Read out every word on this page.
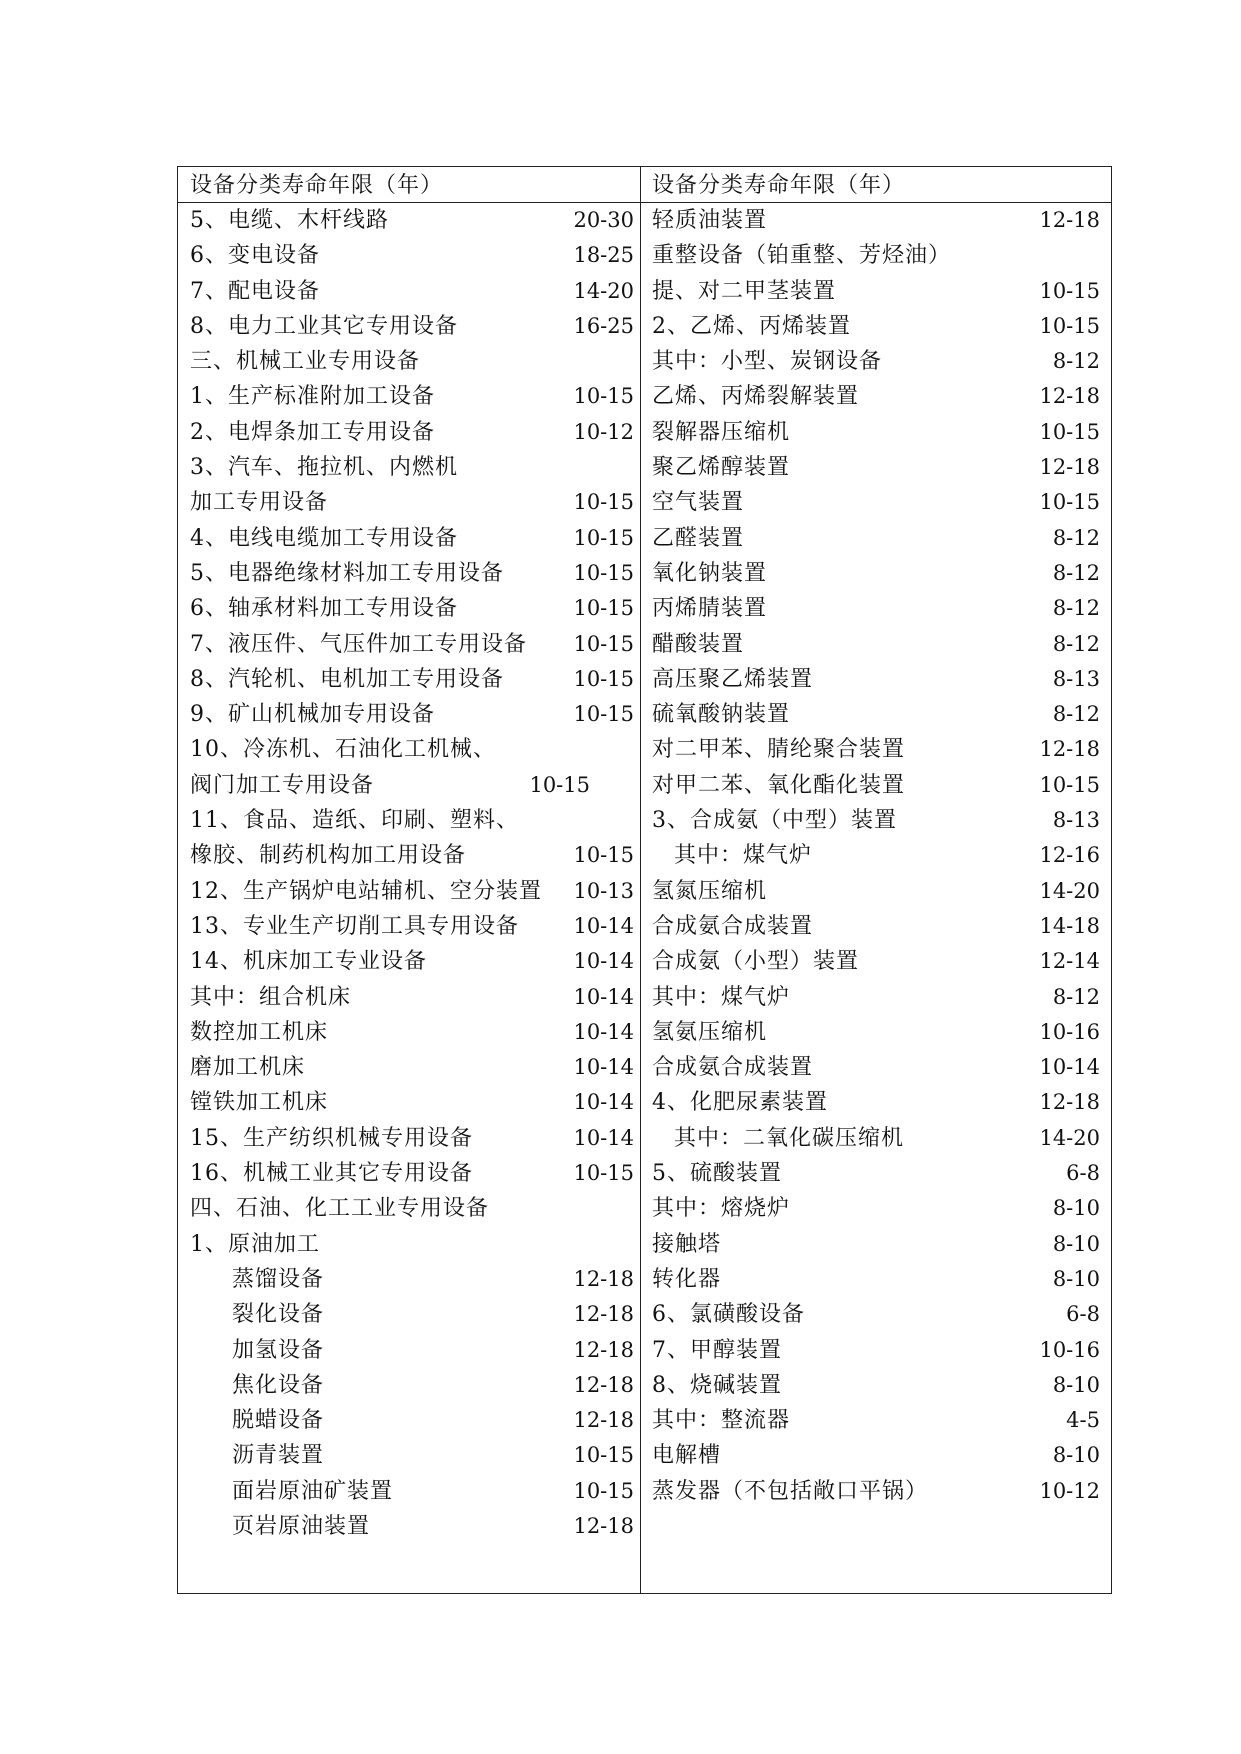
设备分类寿命年限（年）
5、电缆、木杆线路	20-30
6、变电设备	18-25
7、配电设备	14-20
8、电力工业其它专用设备	16-25
三、机械工业专用设备
1、生产标准附加工设备	10-15
2、电焊条加工专用设备	10-12
3、汽车、拖拉机、内燃机
加工专用设备	10-15
4、电线电缆加工专用设备	10-15
5、电器绝缘材料加工专用设备	10-15
6、轴承材料加工专用设备	10-15
7、液压件、气压件加工专用设备 10-15
8、汽轮机、电机加工专用设备	10-15
9、矿山机械加专用设备	10-15
10、冷冻机、石油化工机械、
阀门加工专用设备	10-15
11、食品、造纸、印刷、塑料、
橡胶、制药机构加工用设备	10-15
12、生产锅炉电站辅机、空分装置 10-13
13、专业生产切削工具专用设备	10-14
14、机床加工专业设备	10-14
其中：组合机床	10-14
数控加工机床	10-14
磨加工机床	10-14
镗铁加工机床	10-14
15、生产纺织机械专用设备	10-14
16、机械工业其它专用设备	10-15
四、石油、化工工业专用设备
1、原油加工
蒸馏设备	12-18
裂化设备	12-18
加氢设备	12-18
焦化设备	12-18
脱蜡设备	12-18
沥青装置	10-15
面岩原油矿装置	10-15
页岩原油装置	12-18
设备分类寿命年限（年）
轻质油装置	12-18
重整设备（铂重整、芳烃油）
提、对二甲茎装置	10-15
2、乙烯、丙烯装置	10-15
其中：小型、炭钢设备	8-12
乙烯、丙烯裂解装置	12-18
裂解器压缩机	10-15
聚乙烯醇装置	12-18
空气装置	10-15
乙醛装置	8-12
氧化钠装置	8-12
丙烯腈装置	8-12
醋酸装置	8-12
高压聚乙烯装置	8-13
硫氧酸钠装置	8-12
对二甲苯、腈纶聚合装置	12-18
对甲二苯、氧化酯化装置	10-15
3、合成氨（中型）装置	8-13
其中：煤气炉	12-16
氢氮压缩机	14-20
合成氨合成装置	14-18
合成氨（小型）装置	12-14
其中：煤气炉	8-12
氢氨压缩机	10-16
合成氨合成装置	10-14
4、化肥尿素装置	12-18
其中：二氧化碳压缩机	14-20
5、硫酸装置	6-8
其中：熔烧炉	8-10
接触塔	8-10
转化器	8-10
6、氯磺酸设备	6-8
7、甲醇装置	10-16
8、烧碱装置	8-10
其中：整流器	4-5
电解槽	8-10
蒸发器（不包括敞口平锅）	10-12
